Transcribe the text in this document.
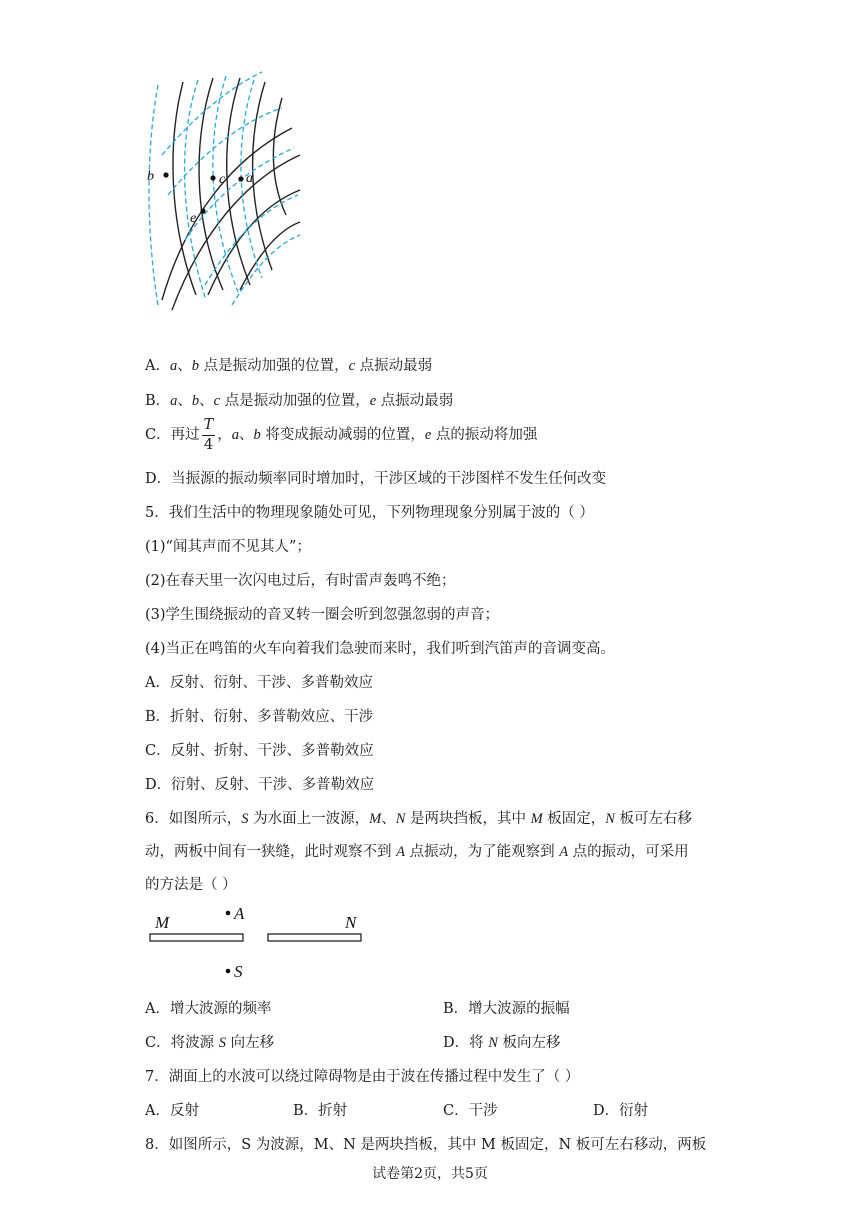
b	c a
e
A．a、b 点是振动加强的位置，c 点振动最弱
B．a、b、c 点是振动加强的位置，e 点振动最弱
C．再过 $\frac{T}{4}$ ，a、b 将变成振动减弱的位置，e 点的振动将加强
D．当振源的振动频率同时增加时，干涉区域的干涉图样不发生任何改变
5．我们生活中的物理现象随处可见，下列物理现象分别属于波的（ ）
(1)“闻其声而不见其人”；
(2)在春天里一次闪电过后，有时雷声轰鸣不绝；
(3)学生围绕振动的音叉转一圈会听到忽强忽弱的声音；
(4)当正在鸣笛的火车向着我们急驶而来时，我们听到汽笛声的音调变高。
A．反射、衍射、干涉、多普勒效应
B．折射、衍射、多普勒效应、干涉
C．反射、折射、干涉、多普勒效应
D．衍射、反射、干涉、多普勒效应
6．如图所示，S 为水面上一波源，M、N 是两块挡板，其中 M 板固定，N 板可左右移
动，两板中间有一狭缝，此时观察不到 A 点振动，为了能观察到 A 点的振动，可采用
的方法是（ ）
M	N
A
S
A．增大波源的频率	B．增大波源的振幅
C．将波源 S 向左移	D．将 N 板向左移
7．湖面上的水波可以绕过障碍物是由于波在传播过程中发生了（ ）
A．反射	B．折射	C．干涉	D．衍射
8．如图所示，S 为波源，M、N 是两块挡板，其中 M 板固定，N 板可左右移动，两板
试卷第2页，共5页
